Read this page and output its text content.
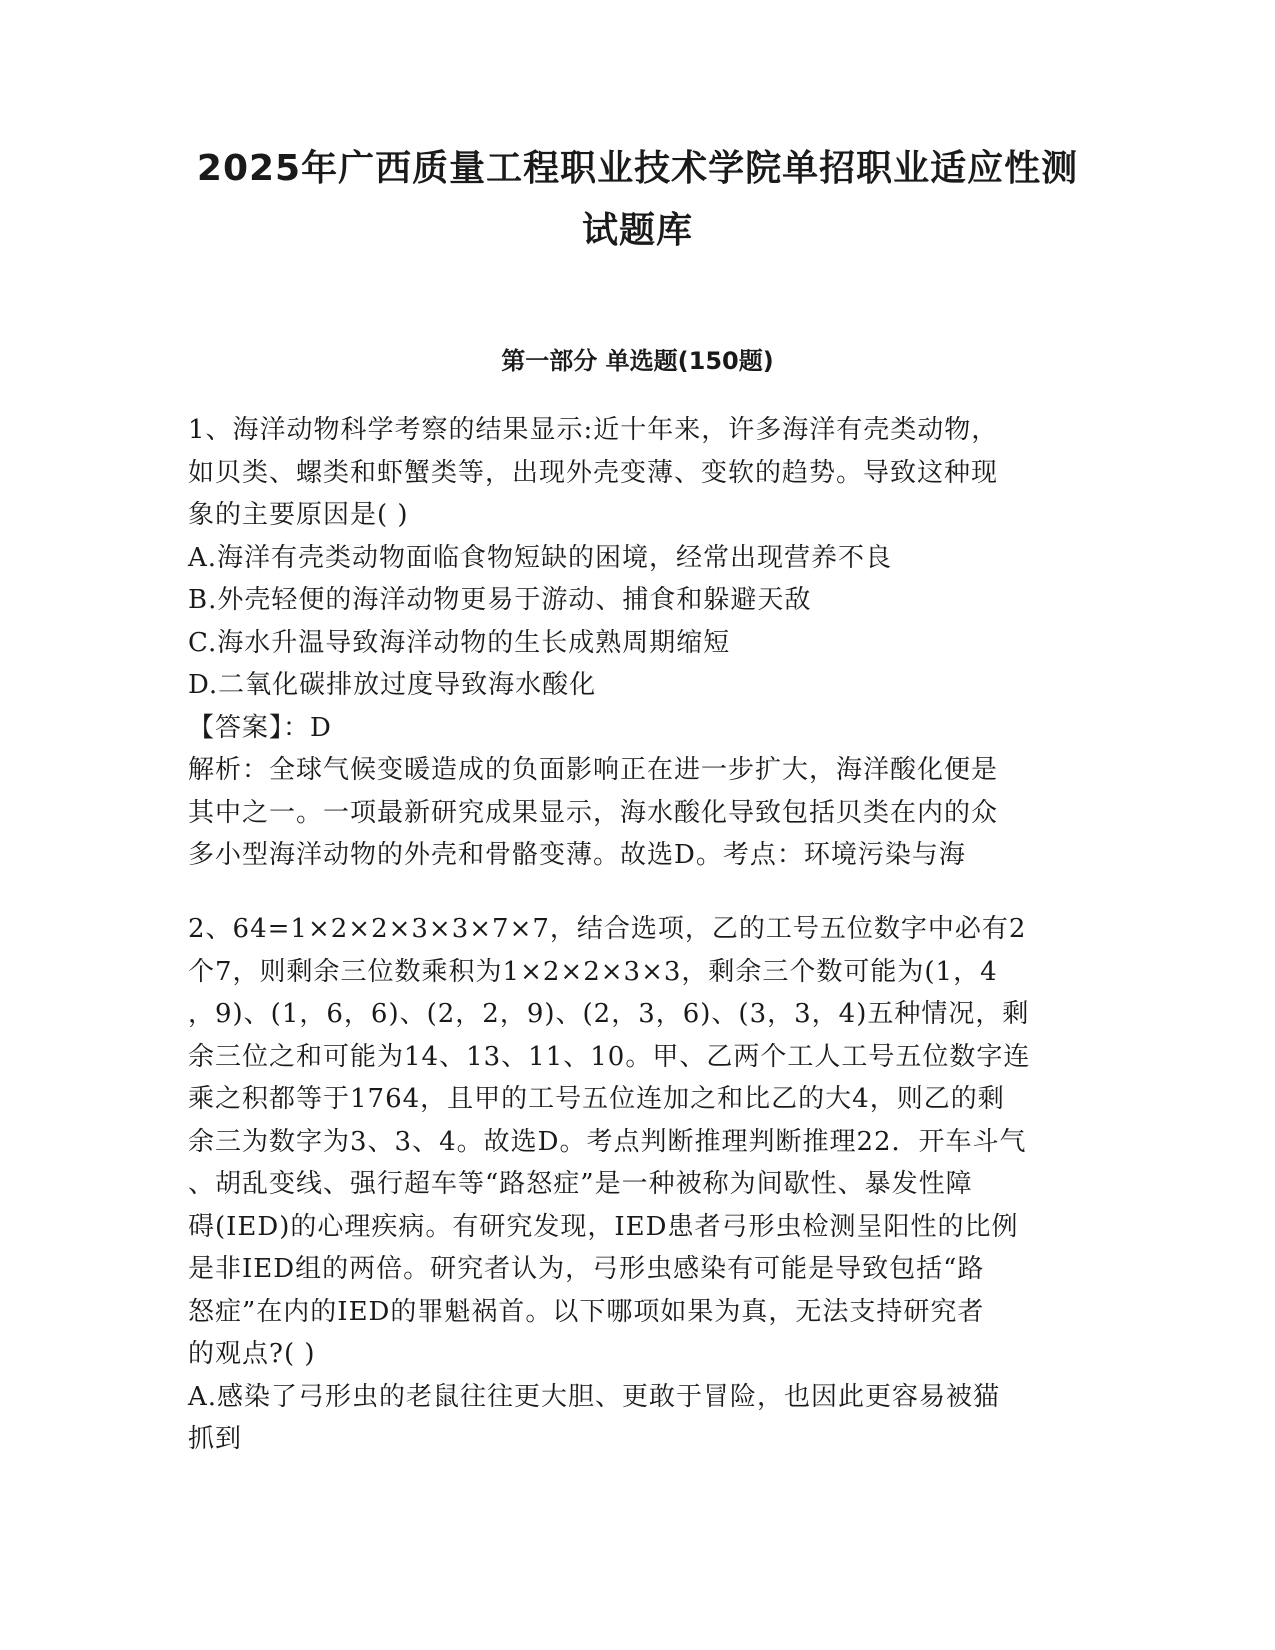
2025年广西质量工程职业技术学院单招职业适应性测
试题库
第一部分 单选题(150题)
1、海洋动物科学考察的结果显示:近十年来，许多海洋有壳类动物，
如贝类、螺类和虾蟹类等，出现外壳变薄、变软的趋势。导致这种现
象的主要原因是( )
A.海洋有壳类动物面临食物短缺的困境，经常出现营养不良
B.外壳轻便的海洋动物更易于游动、捕食和躲避天敌
C.海水升温导致海洋动物的生长成熟周期缩短
D.二氧化碳排放过度导致海水酸化
【答案】：D
解析：全球气候变暖造成的负面影响正在进一步扩大，海洋酸化便是
其中之一。一项最新研究成果显示，海水酸化导致包括贝类在内的众
多小型海洋动物的外壳和骨骼变薄。故选D。考点：环境污染与海
2、64=1×2×2×3×3×7×7，结合选项，乙的工号五位数字中必有2
个7，则剩余三位数乘积为1×2×2×3×3，剩余三个数可能为(1，4
，9)、(1，6，6)、(2，2，9)、(2，3，6)、(3，3，4)五种情况，剩
余三位之和可能为14、13、11、10。甲、乙两个工人工号五位数字连
乘之积都等于1764，且甲的工号五位连加之和比乙的大4，则乙的剩
余三为数字为3、3、4。故选D。考点判断推理判断推理22．开车斗气
、胡乱变线、强行超车等“路怒症”是一种被称为间歇性、暴发性障
碍(IED)的心理疾病。有研究发现，IED患者弓形虫检测呈阳性的比例
是非IED组的两倍。研究者认为，弓形虫感染有可能是导致包括“路
怒症”在内的IED的罪魁祸首。以下哪项如果为真，无法支持研究者
的观点?( )
A.感染了弓形虫的老鼠往往更大胆、更敢于冒险，也因此更容易被猫
抓到
